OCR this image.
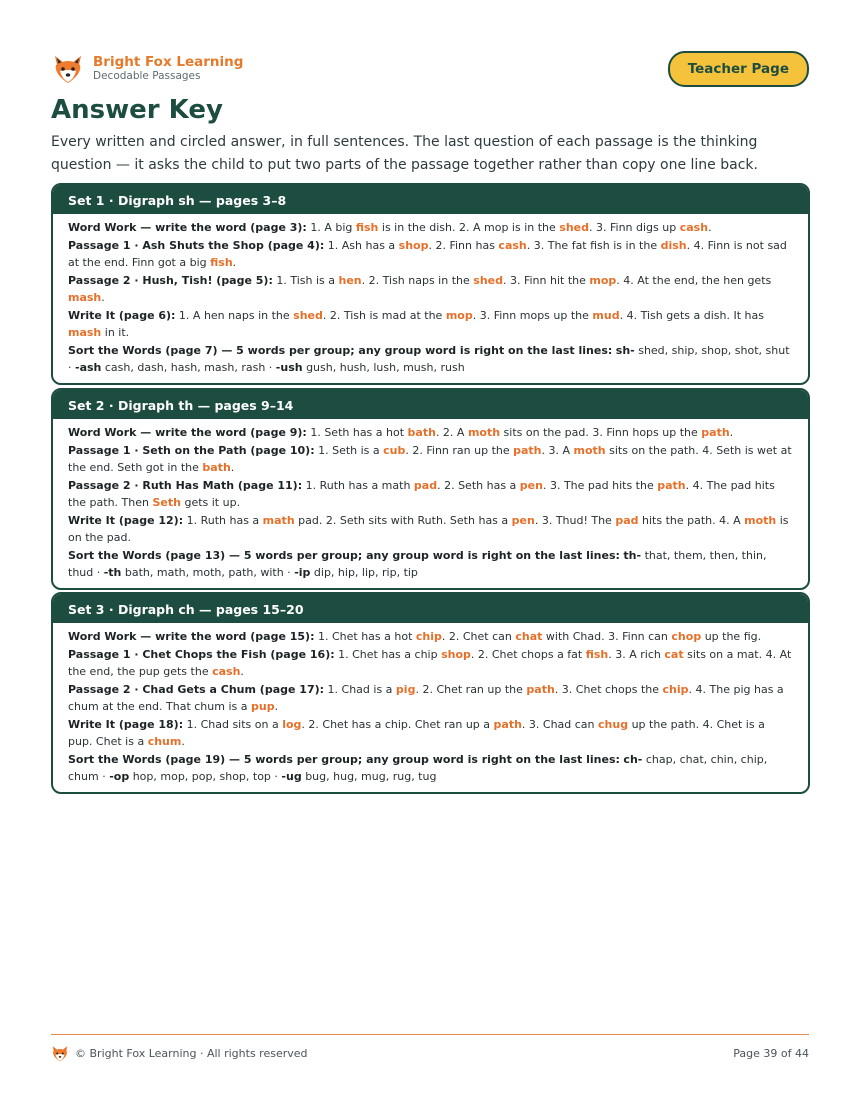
Bright Fox Learning
Decodable Passages	Teacher Page
Answer Key

Every written and circled answer, in full sentences. The last question of each passage is the thinking question — it asks the child to put two parts of the passage together rather than copy one line back.

Set 1 · Digraph sh — pages 3–8
Word Work — write the word (page 3): 1. A big fish is in the dish. 2. A mop is in the shed. 3. Finn digs up cash.
Passage 1 · Ash Shuts the Shop (page 4): 1. Ash has a shop. 2. Finn has cash. 3. The fat fish is in the dish. 4. Finn is not sad at the end. Finn got a big fish.
Passage 2 · Hush, Tish! (page 5): 1. Tish is a hen. 2. Tish naps in the shed. 3. Finn hit the mop. 4. At the end, the hen gets mash.
Write It (page 6): 1. A hen naps in the shed. 2. Tish is mad at the mop. 3. Finn mops up the mud. 4. Tish gets a dish. It has mash in it.
Sort the Words (page 7) — 5 words per group; any group word is right on the last lines: sh- shed, ship, shop, shot, shut · -ash cash, dash, hash, mash, rash · -ush gush, hush, lush, mush, rush
Set 2 · Digraph th — pages 9–14
Word Work — write the word (page 9): 1. Seth has a hot bath. 2. A moth sits on the pad. 3. Finn hops up the path.
Passage 1 · Seth on the Path (page 10): 1. Seth is a cub. 2. Finn ran up the path. 3. A moth sits on the path. 4. Seth is wet at the end. Seth got in the bath.
Passage 2 · Ruth Has Math (page 11): 1. Ruth has a math pad. 2. Seth has a pen. 3. The pad hits the path. 4. The pad hits the path. Then Seth gets it up.
Write It (page 12): 1. Ruth has a math pad. 2. Seth sits with Ruth. Seth has a pen. 3. Thud! The pad hits the path. 4. A moth is on the pad.
Sort the Words (page 13) — 5 words per group; any group word is right on the last lines: th- that, them, then, thin, thud · -th bath, math, moth, path, with · -ip dip, hip, lip, rip, tip
Set 3 · Digraph ch — pages 15–20
Word Work — write the word (page 15): 1. Chet has a hot chip. 2. Chet can chat with Chad. 3. Finn can chop up the fig.
Passage 1 · Chet Chops the Fish (page 16): 1. Chet has a chip shop. 2. Chet chops a fat fish. 3. A rich cat sits on a mat. 4. At the end, the pup gets the cash.
Passage 2 · Chad Gets a Chum (page 17): 1. Chad is a pig. 2. Chet ran up the path. 3. Chet chops the chip. 4. The pig has a chum at the end. That chum is a pup.
Write It (page 18): 1. Chad sits on a log. 2. Chet has a chip. Chet ran up a path. 3. Chad can chug up the path. 4. Chet is a pup. Chet is a chum.
Sort the Words (page 19) — 5 words per group; any group word is right on the last lines: ch- chap, chat, chin, chip, chum · -op hop, mop, pop, shop, top · -ug bug, hug, mug, rug, tug
© Bright Fox Learning · All rights reserved	Page 39 of 44
